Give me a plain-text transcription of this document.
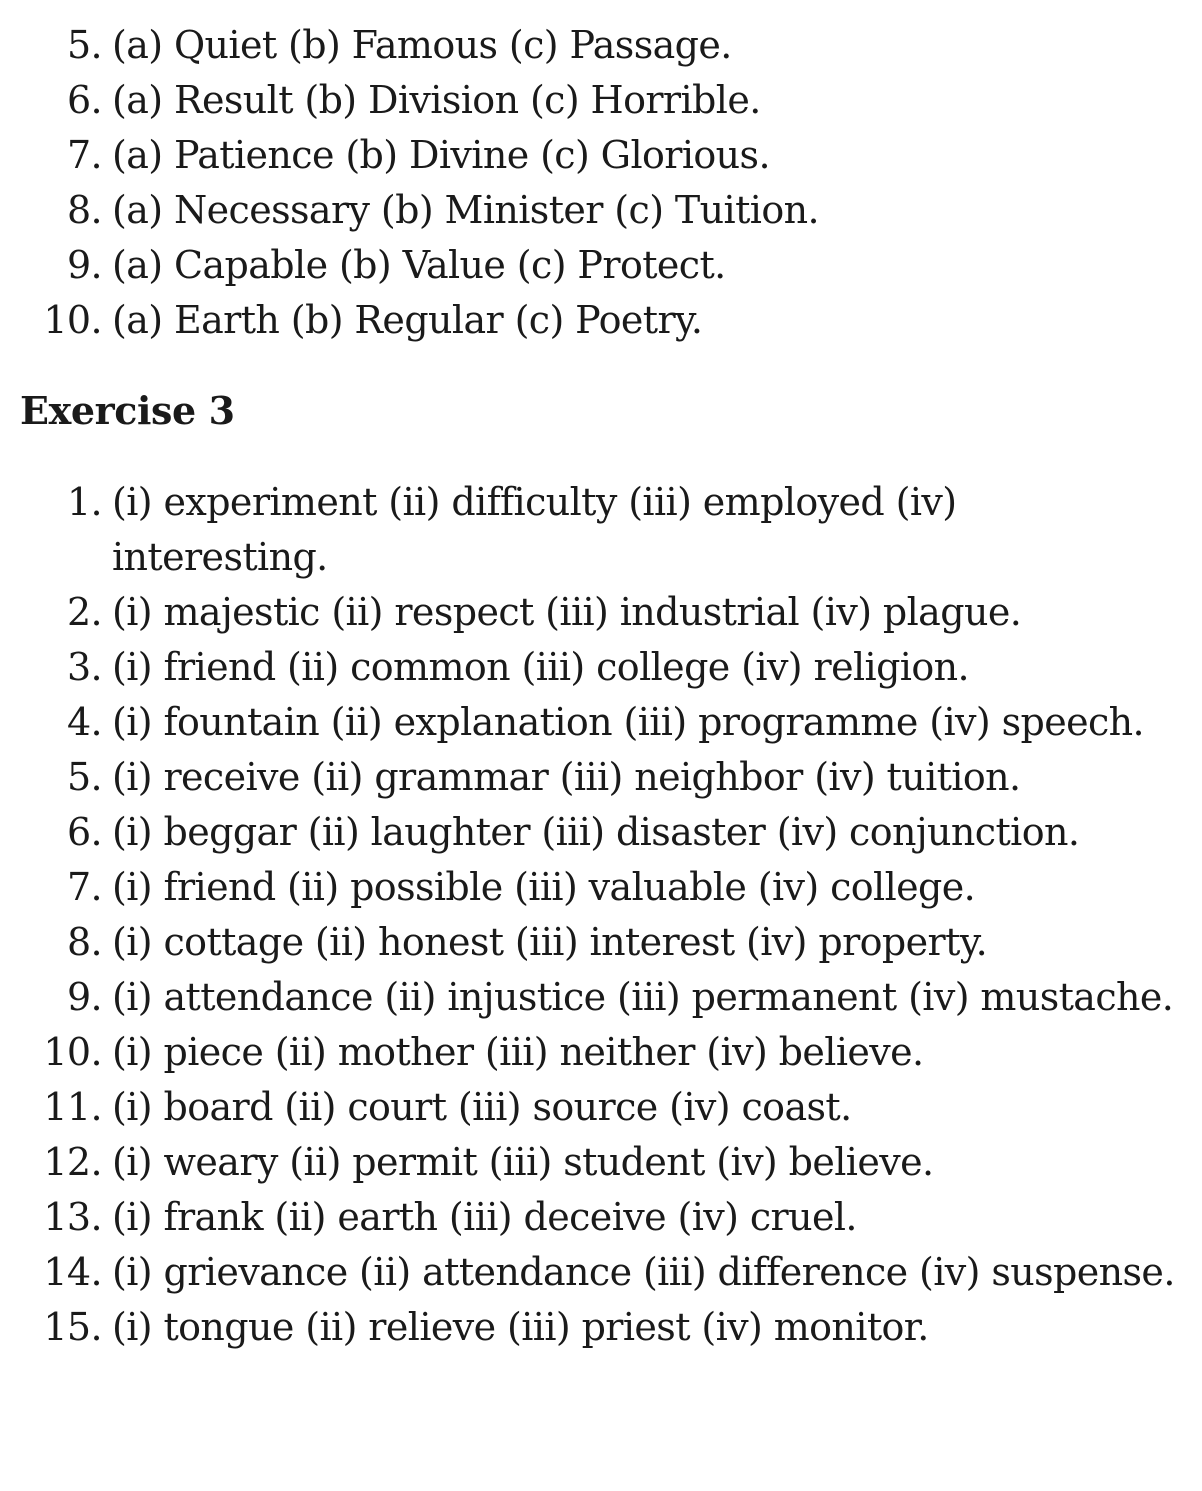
5. (a) Quiet (b) Famous (c) Passage.
6. (a) Result (b) Division (c) Horrible.
7. (a) Patience (b) Divine (c) Glorious.
8. (a) Necessary (b) Minister (c) Tuition.
9. (a) Capable (b) Value (c) Protect.
10. (a) Earth (b) Regular (c) Poetry.
Exercise 3
1. (i) experiment (ii) difficulty (iii) employed (iv) interesting.
2. (i) majestic (ii) respect (iii) industrial (iv) plague.
3. (i) friend (ii) common (iii) college (iv) religion.
4. (i) fountain (ii) explanation (iii) programme (iv) speech.
5. (i) receive (ii) grammar (iii) neighbor (iv) tuition.
6. (i) beggar (ii) laughter (iii) disaster (iv) conjunction.
7. (i) friend (ii) possible (iii) valuable (iv) college.
8. (i) cottage (ii) honest (iii) interest (iv) property.
9. (i) attendance (ii) injustice (iii) permanent (iv) mustache.
10. (i) piece (ii) mother (iii) neither (iv) believe.
11. (i) board (ii) court (iii) source (iv) coast.
12. (i) weary (ii) permit (iii) student (iv) believe.
13. (i) frank (ii) earth (iii) deceive (iv) cruel.
14. (i) grievance (ii) attendance (iii) difference (iv) suspense.
15. (i) tongue (ii) relieve (iii) priest (iv) monitor.
